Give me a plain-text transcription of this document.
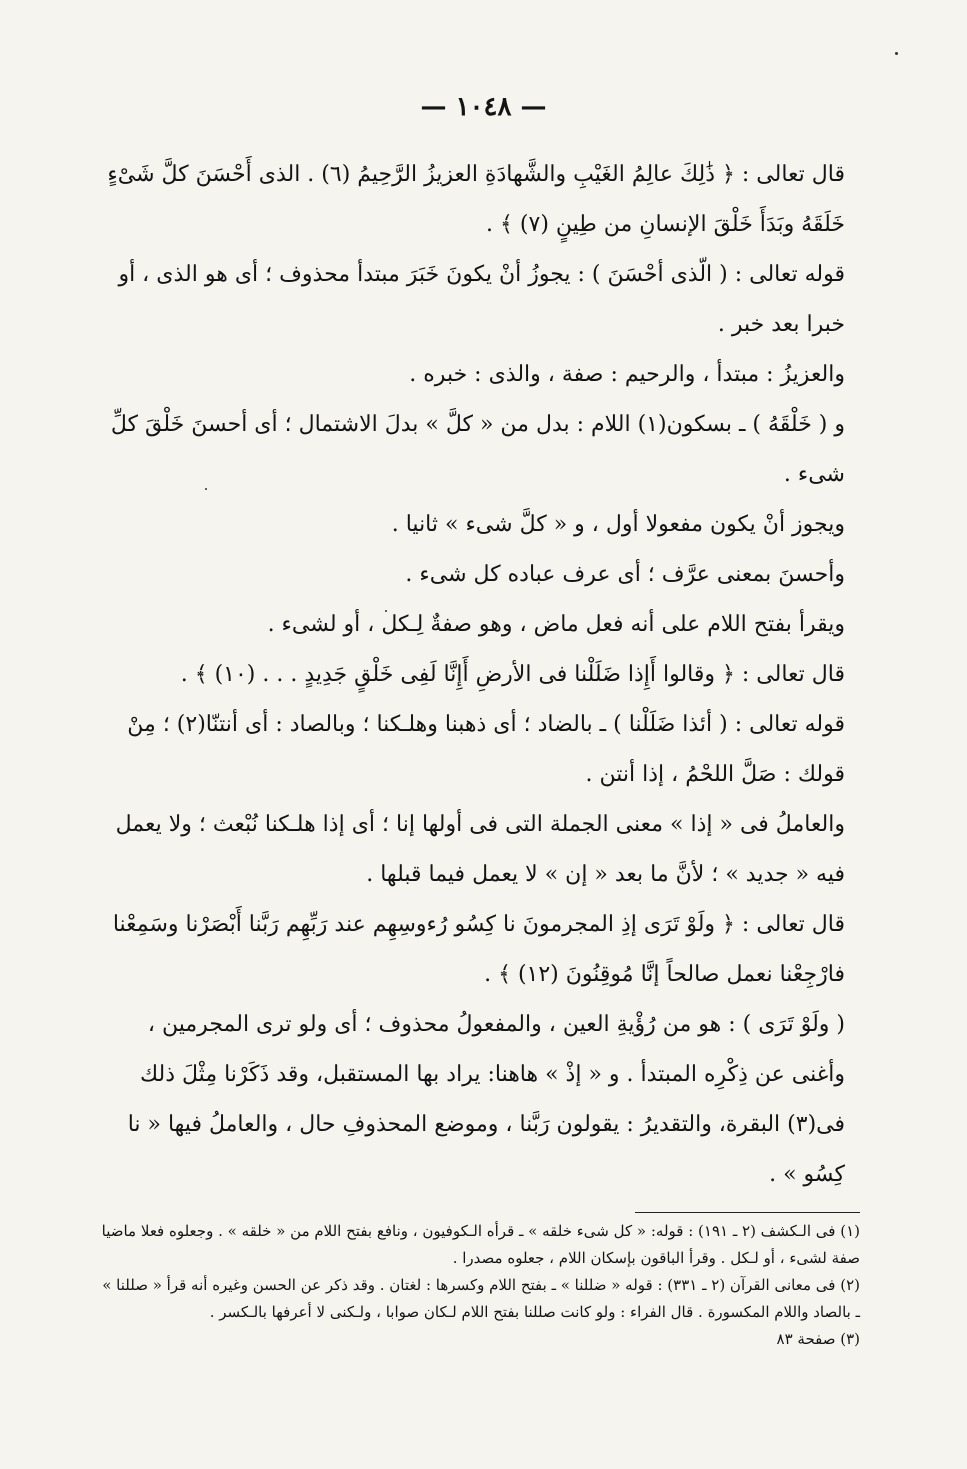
— ١٠٤٨ —

قال تعالى : ﴿ ذَٰلِكَ عالِمُ الغَيْبِ والشَّهادَةِ العزيزُ الرَّحِيمُ (٦) . الذى أَحْسَنَ كلَّ شَىْءٍ خَلَقَهُ وبَدَأَ خَلْقَ الإنسانِ من طِينٍ (٧) ﴾ .

قوله تعالى : ( الّذى أحْسَنَ ) : يجوزُ أنْ يكونَ خَبَرَ مبتدأ محذوف ؛ أى هو الذى ، أو خبرا بعد خبر .

والعزيزُ : مبتدأ ، والرحيم : صفة ، والذى : خبره .

و ( خَلْقَهُ ) ـ بسكون(١) اللام : بدل من « كلَّ » بدلَ الاشتمال ؛ أى أحسنَ خَلْقَ كلِّ شىء .

ويجوز أنْ يكون مفعولا أول ، و « كلَّ شىء » ثانيا .

وأحسنَ بمعنى عرَّف ؛ أى عرف عباده كل شىء .

ويقرأ بفتح اللام على أنه فعل ماض ، وهو صفةٌ لِـكل ، أو لشىء .

قال تعالى : ﴿ وقالوا أَإِذا ضَلَلْنا فى الأرضِ أَإِنَّا لَفِى خَلْقٍ جَدِيدٍ . . . (١٠) ﴾ .

قوله تعالى : ( أئذا ضَلَلْنا ) ـ بالضاد ؛ أى ذهبنا وهلـكنا ؛ وبالصاد : أى أنتنّا(٢) ؛ مِنْ قولك : صَلَّ اللحْمُ ، إذا أنتن .

والعاملُ فى « إذا » معنى الجملة التى فى أولها إنا ؛ أى إذا هلـكنا نُبْعث ؛ ولا يعمل فيه « جديد » ؛ لأنَّ ما بعد « إن » لا يعمل فيما قبلها .

قال تعالى : ﴿ ولَوْ تَرَى إذِ المجرمونَ نا كِسُو رُءوسِهِم عند رَبِّهِم رَبَّنا أَبْصَرْنا وسَمِعْنا فارْجِعْنا نعمل صالحاً إنَّا مُوقِنُونَ (١٢) ﴾ .

( ولَوْ تَرَى ) : هو من رُؤْيةِ العين ، والمفعولُ محذوف ؛ أى ولو ترى المجرمين ، وأغنى عن ذِكْرِه المبتدأ . و « إذْ » هاهنا: يراد بها المستقبل، وقد ذَكَرْنا مِثْلَ ذلك فى(٣) البقرة، والتقديرُ : يقولون رَبَّنا ، وموضع المحذوفِ حال ، والعاملُ فيها « نا كِسُو » .

(١) فى الـكشف (٢ ـ ١٩١) : قوله: « كل شىء خلقه » ـ قرأه الـكوفيون ، ونافع بفتح اللام من « خلقه » . وجعلوه فعلا ماضيا صفة لشىء ، أو لـكل . وقرأ الباقون بإسكان اللام ، جعلوه مصدرا .

(٢) فى معانى القرآن (٢ ـ ٣٣١) : قوله « ضللنا » ـ بفتح اللام وكسرها : لغتان . وقد ذكر عن الحسن وغيره أنه قرأ « صللنا » ـ بالصاد واللام المكسورة . قال الفراء : ولو كانت صللنا بفتح اللام لـكان صوابا ، ولـكنى لا أعرفها بالـكسر .

(٣) صفحة ٨٣
